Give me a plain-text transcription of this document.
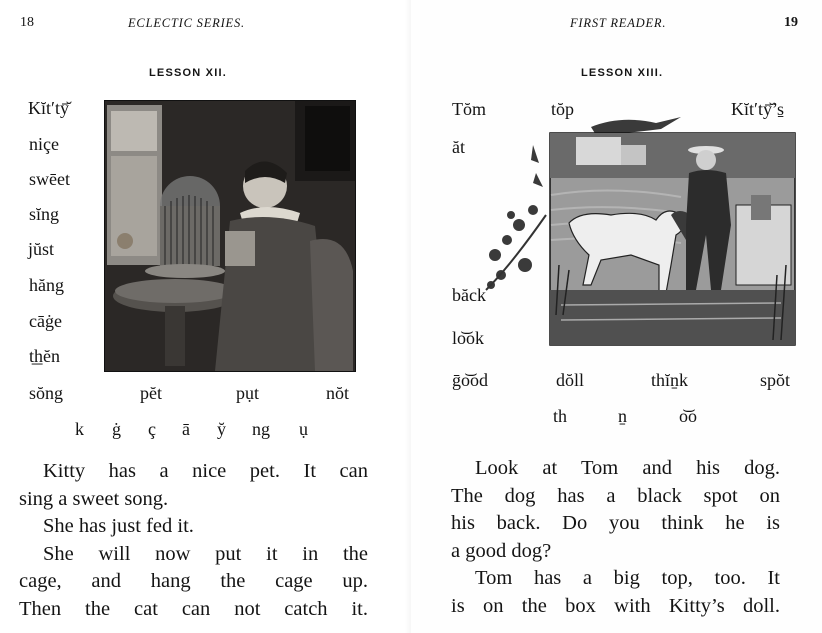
18	ECLECTIC SERIES.
LESSON XII.
Kĭt′tȳ̆
niçe
swēet
sĭng
jŭst
hăng
cāġe
t͟hĕn
sŏng	pĕt	pụt	nŏt
k ġ ç ā y̆ ng ụ

Kitty has a nice pet. It can
sing a sweet song.

She has just fed it.

She will now put it in the
cage, and hang the cage up.
Then the cat can not catch it.

FIRST READER.	19
LESSON XIII.
Tŏm	tŏp	Kĭt′tȳ̆’s̱
ăt
băck
lo͝ok
ḡo͝od	dŏll	thĭn̠k	spŏt
th	n̠	o͝o

Look at Tom and his dog.
The dog has a black spot on
his back. Do you think he is
a good dog?

Tom has a big top, too. It
is on the box with Kitty’s doll.
